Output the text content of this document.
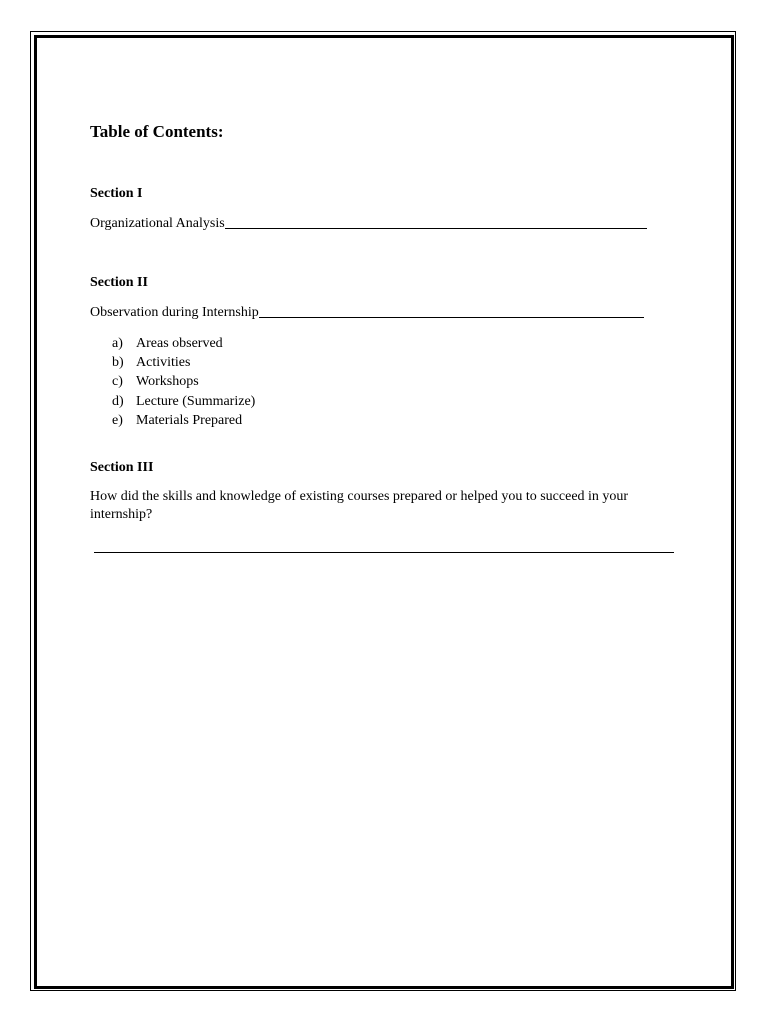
Table of Contents:
Section I
Organizational Analysis
Section II
Observation during Internship
a) Areas observed
b) Activities
c) Workshops
d) Lecture (Summarize)
e) Materials Prepared
Section III
How did the skills and knowledge of existing courses prepared or helped you to succeed in your internship?
